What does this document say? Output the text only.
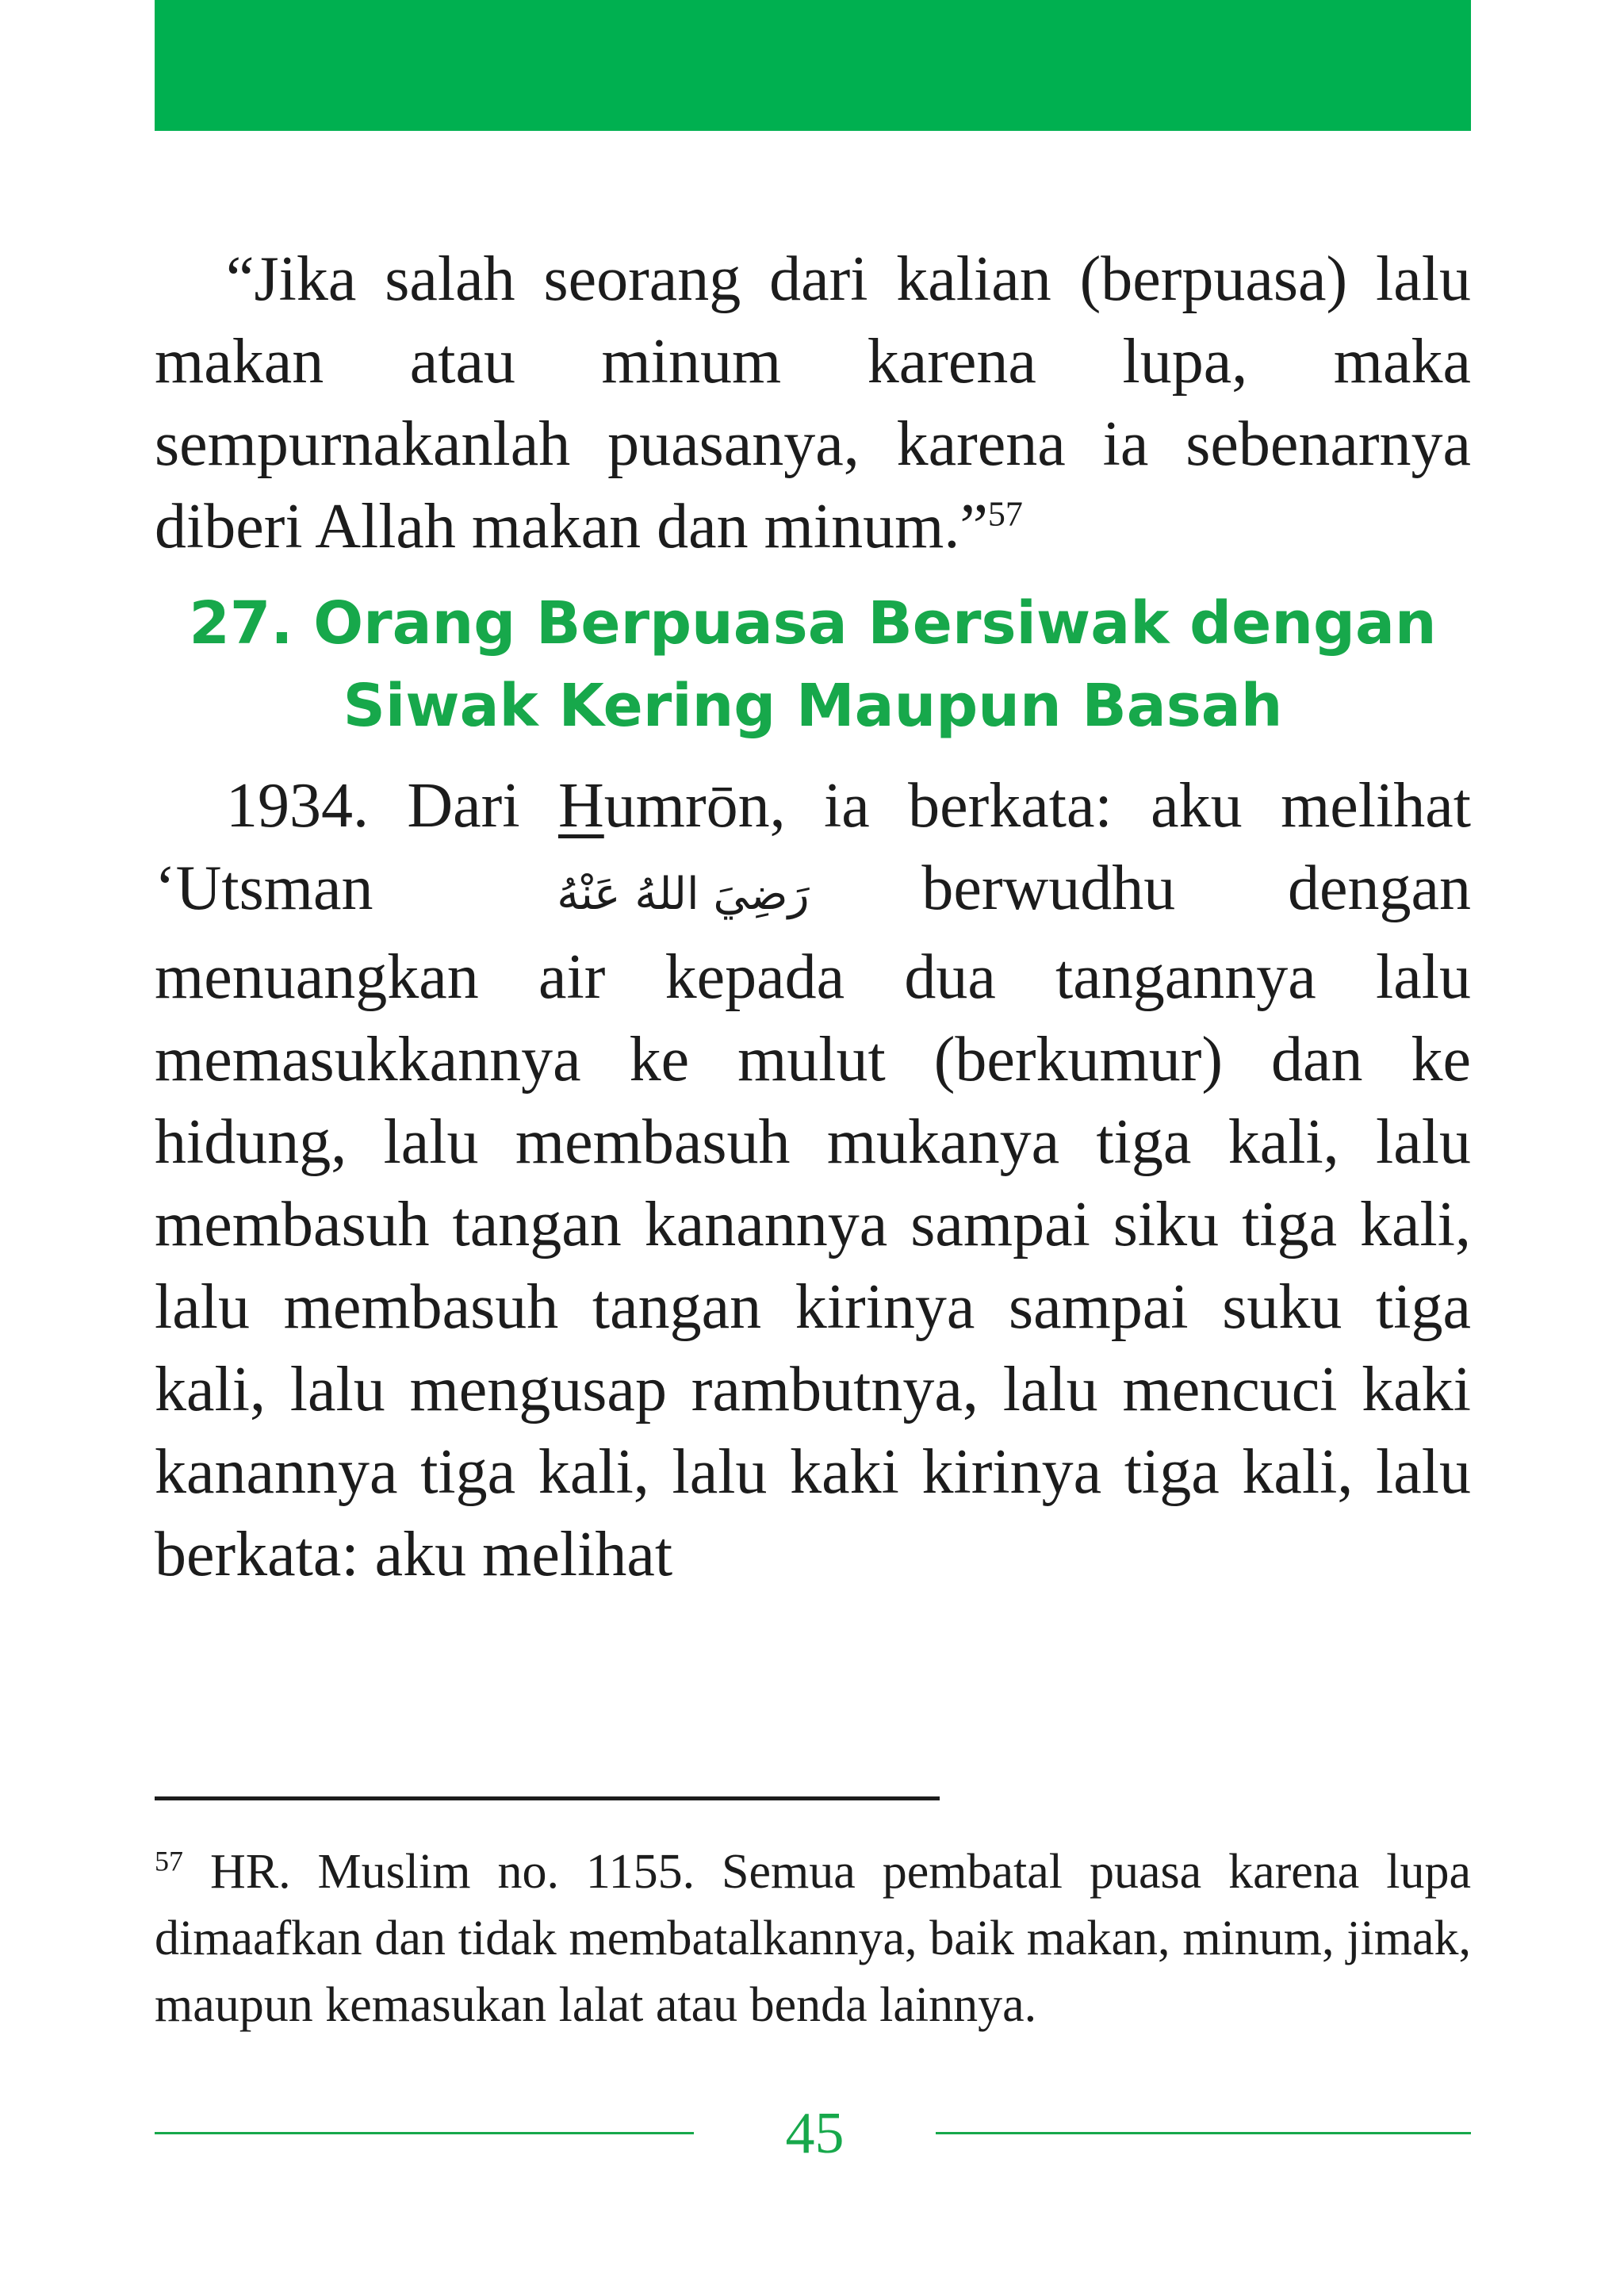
“Jika salah seorang dari kalian (berpuasa) lalu makan atau minum karena lupa, maka sempurnakanlah puasanya, karena ia sebenarnya diberi Allah makan dan minum.”$^{57}$

27. Orang Berpuasa Bersiwak dengan Siwak Kering Maupun Basah

1934. Dari Humrōn, ia berkata: aku melihat ‘Utsman رَضِيَ اللهُ عَنْهُ berwudhu dengan menuangkan air kepada dua tangannya lalu memasukkannya ke mulut (berkumur) dan ke hidung, lalu membasuh mukanya tiga kali, lalu membasuh tangan kanannya sampai siku tiga kali, lalu membasuh tangan kirinya sampai suku tiga kali, lalu mengusap rambutnya, lalu mencuci kaki kanannya tiga kali, lalu kaki kirinya tiga kali, lalu berkata: aku melihat

$^{57}$ HR. Muslim no. 1155. Semua pembatal puasa karena lupa dimaafkan dan tidak membatalkannya, baik makan, minum, jimak, maupun kemasukan lalat atau benda lainnya.

45
